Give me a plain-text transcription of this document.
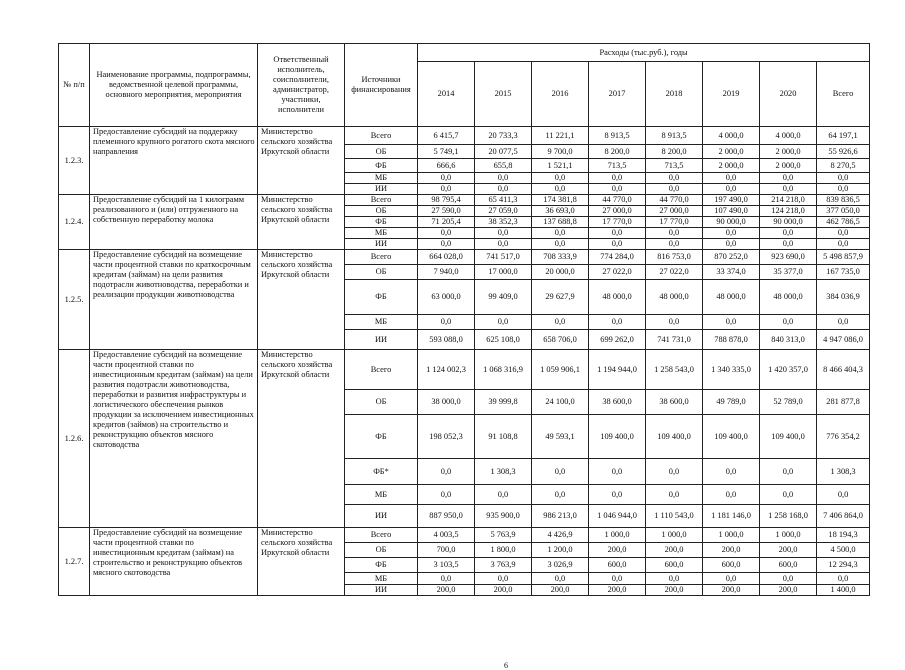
№ п/п	Наименование программы, подпрограммы, ведомственной целевой программы, основного мероприятия, мероприятия	Ответственный исполнитель, соисполнители, администратор, участники, исполнители	Источники финансирования	Расходы (тыс.руб.), годы							
				2014	2015	2016	2017	2018	2019	2020	Всего
1.2.3.	Предоставление субсидий на поддержку племенного крупного рогатого скота мясного направления	Министерство сельского хозяйства Иркутской области	Всего	6 415,7	20 733,3	11 221,1	8 913,5	8 913,5	4 000,0	4 000,0	64 197,1
			ОБ	5 749,1	20 077,5	9 700,0	8 200,0	8 200,0	2 000,0	2 000,0	55 926,6
			ФБ	666,6	655,8	1 521,1	713,5	713,5	2 000,0	2 000,0	8 270,5
			МБ	0,0	0,0	0,0	0,0	0,0	0,0	0,0	0,0
			ИИ	0,0	0,0	0,0	0,0	0,0	0,0	0,0	0,0
1.2.4.	Предоставление субсидий на 1 килограмм реализованного и (или) отгруженного на собственную переработку молока	Министерство сельского хозяйства Иркутской области	Всего	98 795,4	65 411,3	174 381,8	44 770,0	44 770,0	197 490,0	214 218,0	839 836,5
			ОБ	27 590,0	27 059,0	36 693,0	27 000,0	27 000,0	107 490,0	124 218,0	377 050,0
			ФБ	71 205,4	38 352,3	137 688,8	17 770,0	17 770,0	90 000,0	90 000,0	462 786,5
			МБ	0,0	0,0	0,0	0,0	0,0	0,0	0,0	0,0
			ИИ	0,0	0,0	0,0	0,0	0,0	0,0	0,0	0,0
1.2.5.	Предоставление субсидий на возмещение части процентной ставки по краткосрочным кредитам (займам) на цели развития подотрасли животноводства, переработки и реализации продукции животноводства	Министерство сельского хозяйства Иркутской области	Всего	664 028,0	741 517,0	708 333,9	774 284,0	816 753,0	870 252,0	923 690,0	5 498 857,9
			ОБ	7 940,0	17 000,0	20 000,0	27 022,0	27 022,0	33 374,0	35 377,0	167 735,0
			ФБ	63 000,0	99 409,0	29 627,9	48 000,0	48 000,0	48 000,0	48 000,0	384 036,9
			МБ	0,0	0,0	0,0	0,0	0,0	0,0	0,0	0,0
			ИИ	593 088,0	625 108,0	658 706,0	699 262,0	741 731,0	788 878,0	840 313,0	4 947 086,0
1.2.6.	Предоставление субсидий на возмещение части процентной ставки по инвестиционным кредитам (займам) на цели развития подотрасли животноводства, переработки и развития инфраструктуры и логистического обеспечения рынков продукции за исключением инвестиционных кредитов (займов) на строительство и реконструкцию объектов мясного скотоводства	Министерство сельского хозяйства Иркутской области	Всего	1 124 002,3	1 068 316,9	1 059 906,1	1 194 944,0	1 258 543,0	1 340 335,0	1 420 357,0	8 466 404,3
			ОБ	38 000,0	39 999,8	24 100,0	38 600,0	38 600,0	49 789,0	52 789,0	281 877,8
			ФБ	198 052,3	91 108,8	49 593,1	109 400,0	109 400,0	109 400,0	109 400,0	776 354,2
			ФБ*	0,0	1 308,3	0,0	0,0	0,0	0,0	0,0	1 308,3
			МБ	0,0	0,0	0,0	0,0	0,0	0,0	0,0	0,0
			ИИ	887 950,0	935 900,0	986 213,0	1 046 944,0	1 110 543,0	1 181 146,0	1 258 168,0	7 406 864,0
1.2.7.	Предоставление субсидий на возмещение части процентной ставки по инвестиционным кредитам (займам) на строительство и реконструкцию объектов мясного скотоводства	Министерство сельского хозяйства Иркутской области	Всего	4 003,5	5 763,9	4 426,9	1 000,0	1 000,0	1 000,0	1 000,0	18 194,3
			ОБ	700,0	1 800,0	1 200,0	200,0	200,0	200,0	200,0	4 500,0
			ФБ	3 103,5	3 763,9	3 026,9	600,0	600,0	600,0	600,0	12 294,3
			МБ	0,0	0,0	0,0	0,0	0,0	0,0	0,0	0,0
			ИИ	200,0	200,0	200,0	200,0	200,0	200,0	200,0	1 400,0
6
